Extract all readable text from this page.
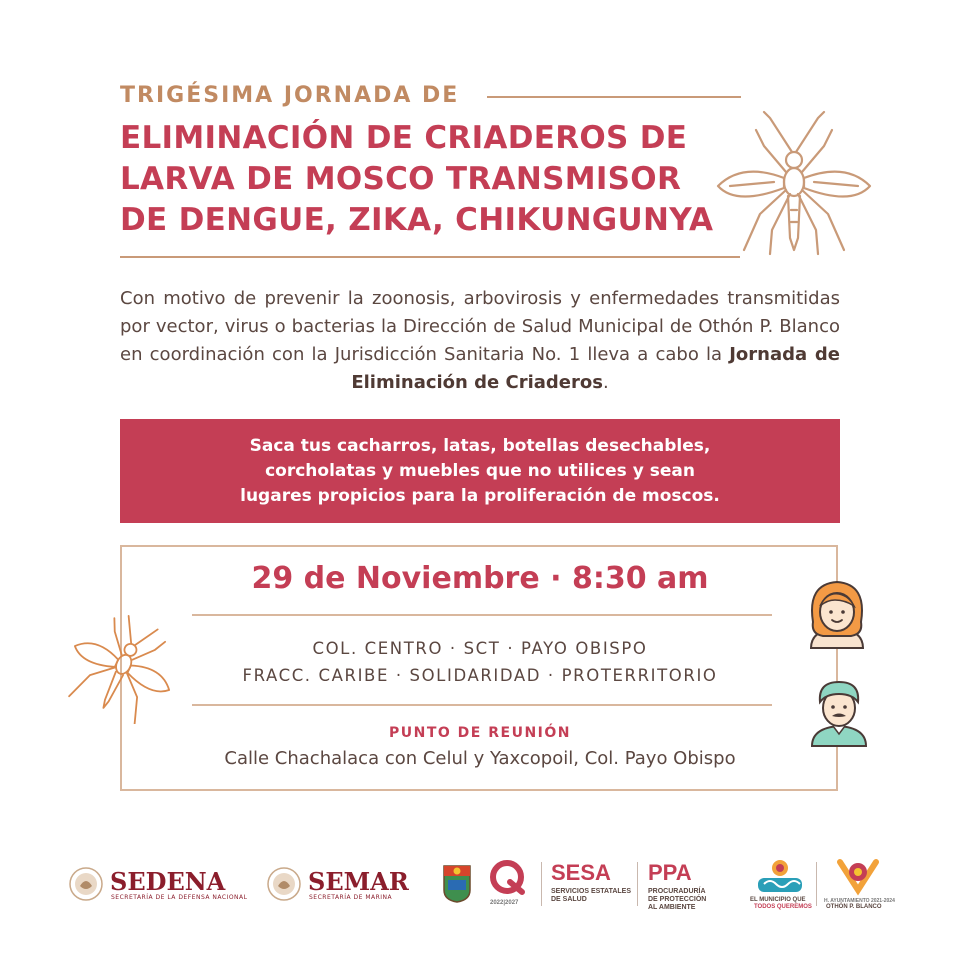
TRIGÉSIMA JORNADA DE
ELIMINACIÓN DE CRIADEROS DE
LARVA DE MOSCO TRANSMISOR
DE DENGUE, ZIKA, CHIKUNGUNYA
Con motivo de prevenir la zoonosis, arbovirosis y enfermedades transmitidas por vector, virus o bacterias la Dirección de Salud Municipal de Othón P. Blanco en coordinación con la Jurisdicción Sanitaria No. 1 lleva a cabo la Jornada de Eliminación de Criaderos.
Saca tus cacharros, latas, botellas desechables,
corcholatas y muebles que no utilices y sean
lugares propicios para la proliferación de moscos.
29 de Noviembre · 8:30 am
COL. CENTRO · SCT · PAYO OBISPO
FRACC. CARIBE · SOLIDARIDAD · PROTERRITORIO
PUNTO DE REUNIÓN
Calle Chachalaca con Celul y Yaxcopoil, Col. Payo Obispo
SEDENA
SECRETARÍA DE LA DEFENSA NACIONAL
SEMAR
SECRETARÍA DE MARINA
2022|2027
SESA
SERVICIOS ESTATALES
DE SALUD
PPA
PROCURADURÍA
DE PROTECCIÓN
AL AMBIENTE
EL MUNICIPIO QUE
TODOS QUEREMOS
H. AYUNTAMIENTO 2021-2024
OTHÓN P. BLANCO
